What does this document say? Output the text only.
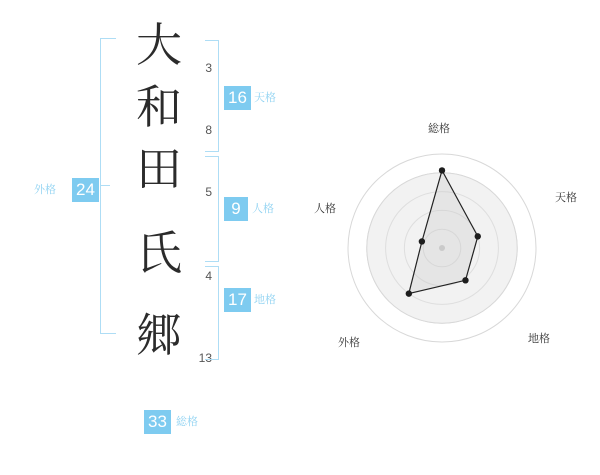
外格 24
大 3
和 8
田 5
氏 4
郷 13
16 天格
9	人格
17 地格
33 総格
総格
天格
地格
外格
人格
